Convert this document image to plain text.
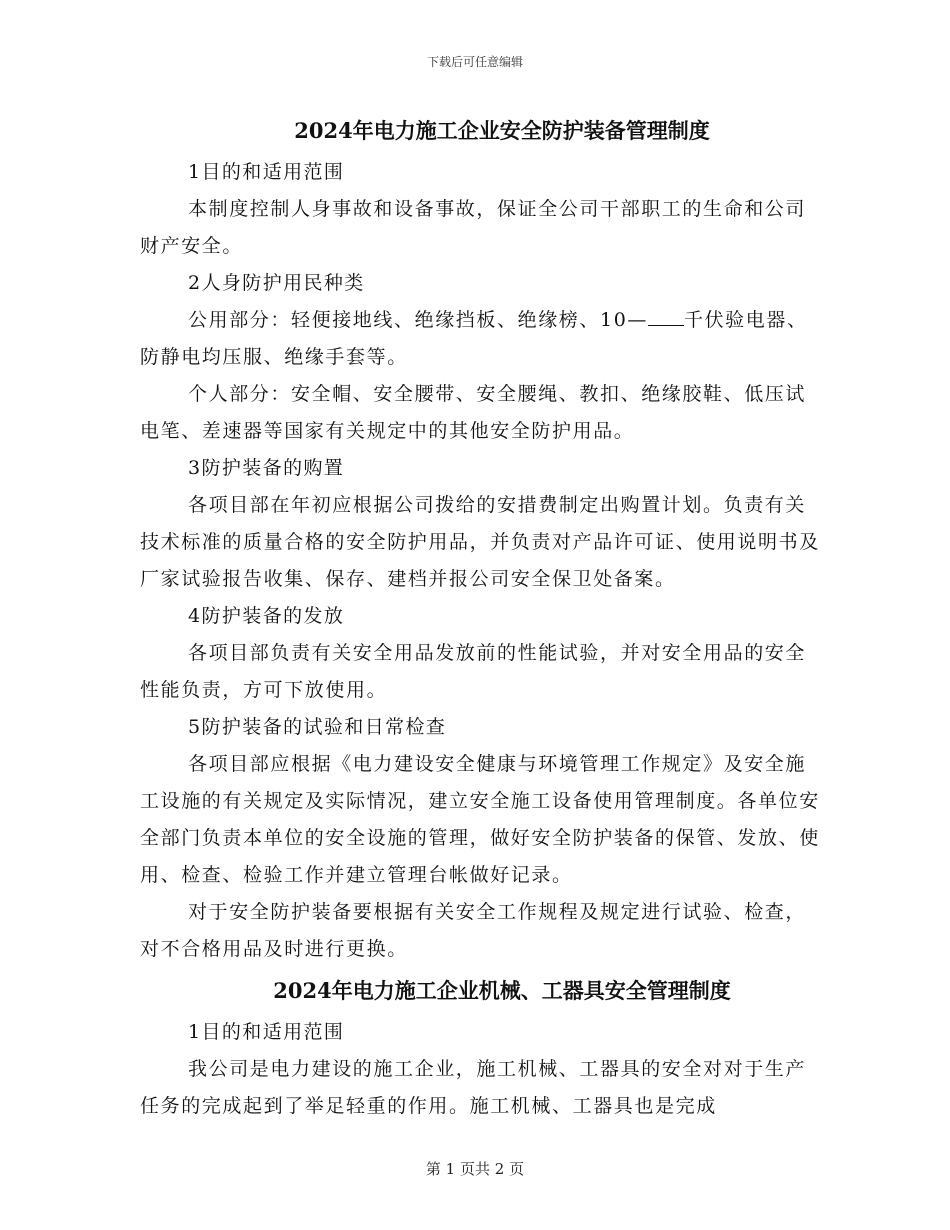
下载后可任意编辑
2024年电力施工企业安全防护装备管理制度

1目的和适用范围

本制度控制人身事故和设备事故，保证全公司干部职工的生命和公司财产安全。

2人身防护用民种类

公用部分：轻便接地线、绝缘挡板、绝缘榜、10— 千伏验电器、防静电均压服、绝缘手套等。

个人部分：安全帽、安全腰带、安全腰绳、教扣、绝缘胶鞋、低压试电笔、差速器等国家有关规定中的其他安全防护用品。

3防护装备的购置

各项目部在年初应根据公司拨给的安措费制定出购置计划。负责有关技术标准的质量合格的安全防护用品，并负责对产品许可证、使用说明书及厂家试验报告收集、保存、建档并报公司安全保卫处备案。

4防护装备的发放

各项目部负责有关安全用品发放前的性能试验，并对安全用品的安全性能负责，方可下放使用。

5防护装备的试验和日常检查

各项目部应根据《电力建设安全健康与环境管理工作规定》及安全施工设施的有关规定及实际情况，建立安全施工设备使用管理制度。各单位安全部门负责本单位的安全设施的管理，做好安全防护装备的保管、发放、使用、检查、检验工作并建立管理台帐做好记录。

对于安全防护装备要根据有关安全工作规程及规定进行试验、检查，对不合格用品及时进行更换。

2024年电力施工企业机械、工器具安全管理制度

1目的和适用范围

我公司是电力建设的施工企业，施工机械、工器具的安全对对于生产任务的完成起到了举足轻重的作用。施工机械、工器具也是完成

第 1 页共 2 页
